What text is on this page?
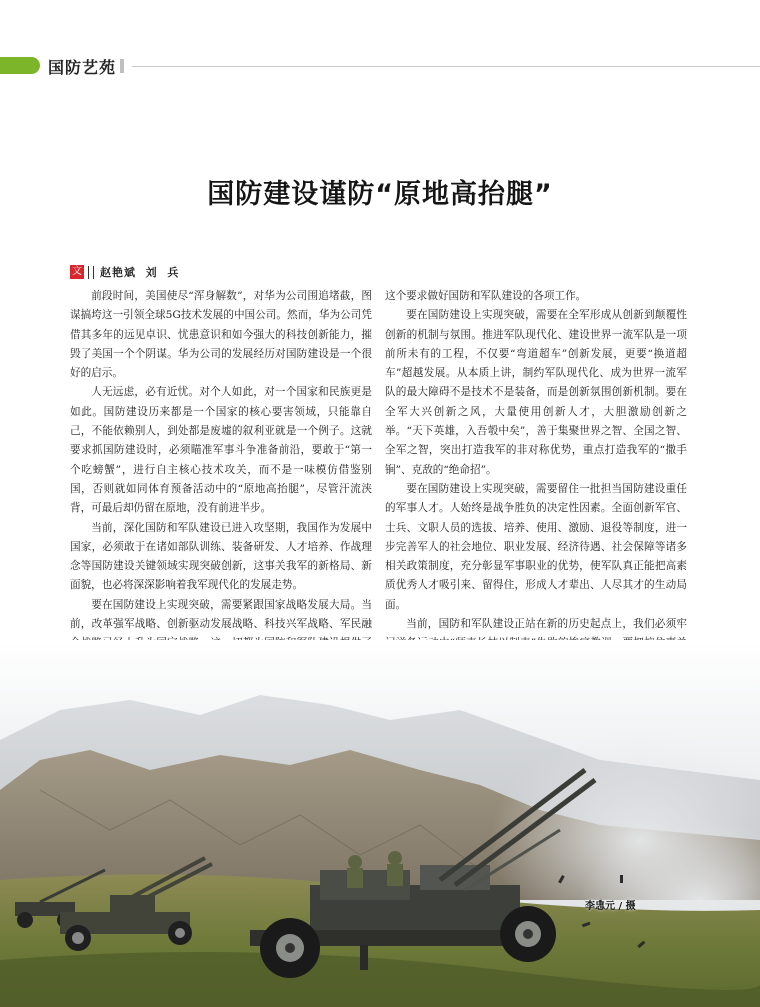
国防艺苑
国防建设谨防“原地高抬腿”
文 赵艳斌  刘  兵

前段时间，美国使尽“浑身解数”，对华为公司围追堵截，图谋搞垮这一引领全球5G技术发展的中国公司。然而，华为公司凭借其多年的远见卓识、忧患意识和如今强大的科技创新能力，摧毁了美国一个个阴谋。华为公司的发展经历对国防建设是一个很好的启示。

人无远虑，必有近忧。对个人如此，对一个国家和民族更是如此。国防建设历来都是一个国家的核心要害领域，只能靠自己，不能依赖别人，到处都是废墟的叙利亚就是一个例子。这就要求抓国防建设时，必须瞄准军事斗争准备前沿，要敢于“第一个吃螃蟹”，进行自主核心技术攻关，而不是一味模仿借鉴别国，否则就如同体育预备活动中的“原地高抬腿”，尽管汗流浃背，可最后却仍留在原地，没有前进半步。

当前，深化国防和军队建设已进入攻坚期，我国作为发展中国家，必须敢于在诸如部队训练、装备研发、人才培养、作战理念等国防建设关键领域实现突破创新，这事关我军的新格局、新面貌，也必将深深影响着我军现代化的发展走势。

要在国防建设上实现突破，需要紧跟国家战略发展大局。当前，改革强军战略、创新驱动发展战略、科技兴军战略、军民融

这个要求做好国防和军队建设的各项工作。

要在国防建设上实现突破，需要在全军形成从创新到颠覆性创新的机制与氛围。推进军队现代化、建设世界一流军队是一项前所未有的工程，不仅要“弯道超车”创新发展，更要“换道超车”超越发展。从本质上讲，制约军队现代化、成为世界一流军队的最大障碍不是技术不是装备，而是创新氛围创新机制。要在全军大兴创新之风，大量使用创新人才，大胆激励创新之举。“天下英雄，入吾彀中矣”，善于集聚世界之智、全国之智、全军之智，突出打造我军的非对称优势，重点打造我军的“撒手锏”、克敌的“绝命招”。

要在国防建设上实现突破，需要留住一批担当国防建设重任的军事人才。人始终是战争胜负的决定性因素。全面创新军官、士兵、文职人员的选拔、培养、使用、激励、退役等制度，进一步完善军人的社会地位、职业发展、经济待遇、社会保障等诸多相关政策制度，充分彰显军事职业的优势，使军队真正能把高素质优秀人才吸引来、留得住，形成人才辈出、人尽其才的生动局面。

当前，国防和军队建设正站在新的历史起点上，我们必须牢

李忠元 / 摄
